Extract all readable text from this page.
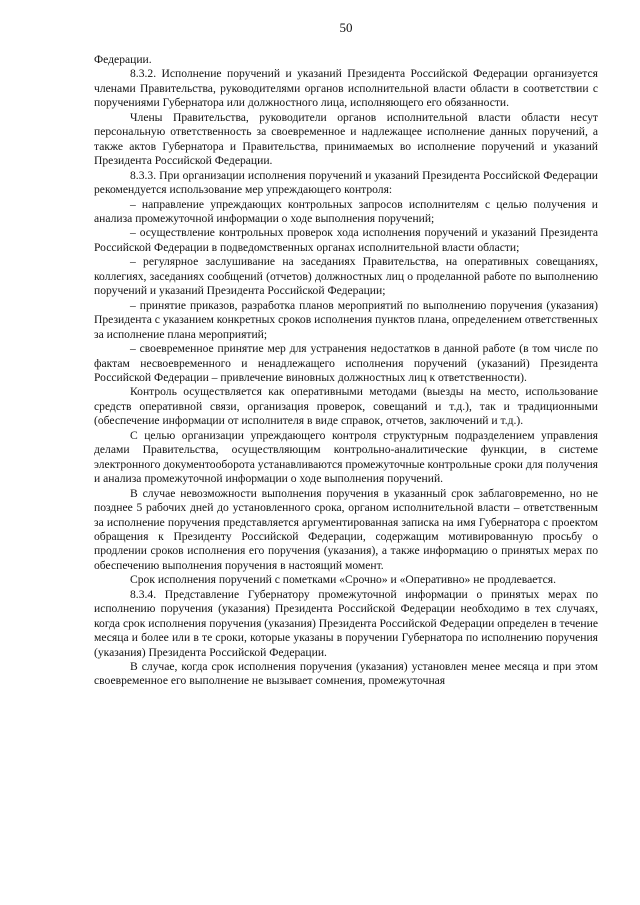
50

Федерации.

8.3.2. Исполнение поручений и указаний Президента Российской Федерации организуется членами Правительства, руководителями органов исполнительной власти области в соответствии с поручениями Губернатора или должностного лица, исполняющего его обязанности.

Члены Правительства, руководители органов исполнительной власти области несут персональную ответственность за своевременное и надлежащее исполнение данных поручений, а также актов Губернатора и Правительства, принимаемых во исполнение поручений и указаний Президента Российской Федерации.

8.3.3. При организации исполнения поручений и указаний Президента Российской Федерации рекомендуется использование мер упреждающего контроля:

– направление упреждающих контрольных запросов исполнителям с целью получения и анализа промежуточной информации о ходе выполнения поручений;

– осуществление контрольных проверок хода исполнения поручений и указаний Президента Российской Федерации в подведомственных органах исполнительной власти области;

– регулярное заслушивание на заседаниях Правительства, на оперативных совещаниях, коллегиях, заседаниях сообщений (отчетов) должностных лиц о проделанной работе по выполнению поручений и указаний Президента Российской Федерации;

– принятие приказов, разработка планов мероприятий по выполнению поручения (указания) Президента с указанием конкретных сроков исполнения пунктов плана, определением ответственных за исполнение плана мероприятий;

– своевременное принятие мер для устранения недостатков в данной работе (в том числе по фактам несвоевременного и ненадлежащего исполнения поручений (указаний) Президента Российской Федерации – привлечение виновных должностных лиц к ответственности).

Контроль осуществляется как оперативными методами (выезды на место, использование средств оперативной связи, организация проверок, совещаний и т.д.), так и традиционными (обеспечение информации от исполнителя в виде справок, отчетов, заключений и т.д.).

С целью организации упреждающего контроля структурным подразделением управления делами Правительства, осуществляющим контрольно-аналитические функции, в системе электронного документооборота устанавливаются промежуточные контрольные сроки для получения и анализа промежуточной информации о ходе выполнения поручений.

В случае невозможности выполнения поручения в указанный срок заблаговременно, но не позднее 5 рабочих дней до установленного срока, органом исполнительной власти – ответственным за исполнение поручения представляется аргументированная записка на имя Губернатора с проектом обращения к Президенту Российской Федерации, содержащим мотивированную просьбу о продлении сроков исполнения его поручения (указания), а также информацию о принятых мерах по обеспечению выполнения поручения в настоящий момент.

Срок исполнения поручений с пометками «Срочно» и «Оперативно» не продлевается.

8.3.4. Представление Губернатору промежуточной информации о принятых мерах по исполнению поручения (указания) Президента Российской Федерации необходимо в тех случаях, когда срок исполнения поручения (указания) Президента Российской Федерации определен в течение месяца и более или в те сроки, которые указаны в поручении Губернатора по исполнению поручения (указания) Президента Российской Федерации.

В случае, когда срок исполнения поручения (указания) установлен менее месяца и при этом своевременное его выполнение не вызывает сомнения, промежуточная
